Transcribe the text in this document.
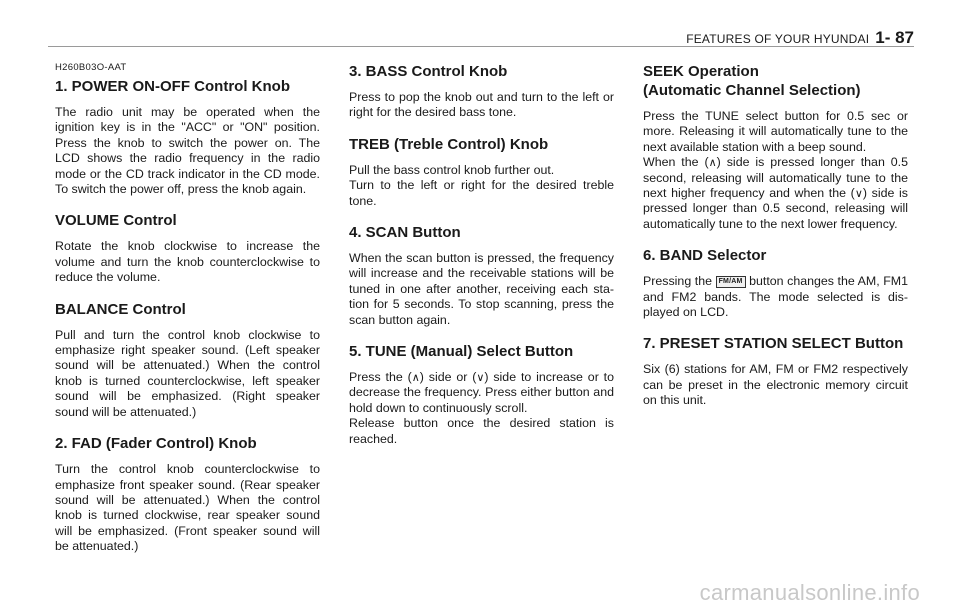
FEATURES OF YOUR HYUNDAI 1- 87
H260B03O-AAT
1. POWER ON-OFF Control Knob

The radio unit may be operated when the ignition key is in the "ACC" or "ON" position. Press the knob to switch the power on. The LCD shows the radio frequency in the radio mode or the CD track indicator in the CD mode. To switch the power off, press the knob again.

VOLUME Control

Rotate the knob clockwise to increase the volume and turn the knob counterclockwise to reduce the volume.

BALANCE Control

Pull and turn the control knob clockwise to emphasize right speaker sound. (Left speaker sound will be attenuated.) When the control knob is turned counterclockwise, left speaker sound will be emphasized. (Right speaker sound will be attenuated.)

2. FAD (Fader Control) Knob

Turn the control knob counterclockwise to emphasize front speaker sound. (Rear speaker sound will be attenuated.) When the control knob is turned clockwise, rear speaker sound will be emphasized. (Front speaker sound will be attenuated.)

3. BASS Control Knob

Press to pop the knob out and turn to the left or right for the desired bass tone.

TREB (Treble Control) Knob

Pull the bass control knob further out.
Turn to the left or right for the desired treble tone.

4. SCAN Button

When the scan button is pressed, the frequency will increase and the receivable stations will be tuned in one after another, receiving each sta-tion for 5 seconds. To stop scanning, press the scan button again.

5. TUNE (Manual) Select Button

Press the (∧) side or (∨) side to increase or to decrease the frequency. Press either button and hold down to continuously scroll.
Release button once the desired station is reached.

SEEK Operation
(Automatic Channel Selection)

Press the TUNE select button for 0.5 sec or more. Releasing it will automatically tune to the next available station with a beep sound.
When the (∧) side is pressed longer than 0.5 second, releasing will automatically tune to the next higher frequency and when the (∨) side is pressed longer than 0.5 second, releasing will automatically tune to the next lower frequency.

6. BAND Selector

Pressing the FM/AM button changes the AM, FM1 and FM2 bands. The mode selected is dis-played on LCD.

7. PRESET STATION SELECT Button

Six (6) stations for AM, FM or FM2 respectively can be preset in the electronic memory circuit on this unit.

carmanualsonline.info
